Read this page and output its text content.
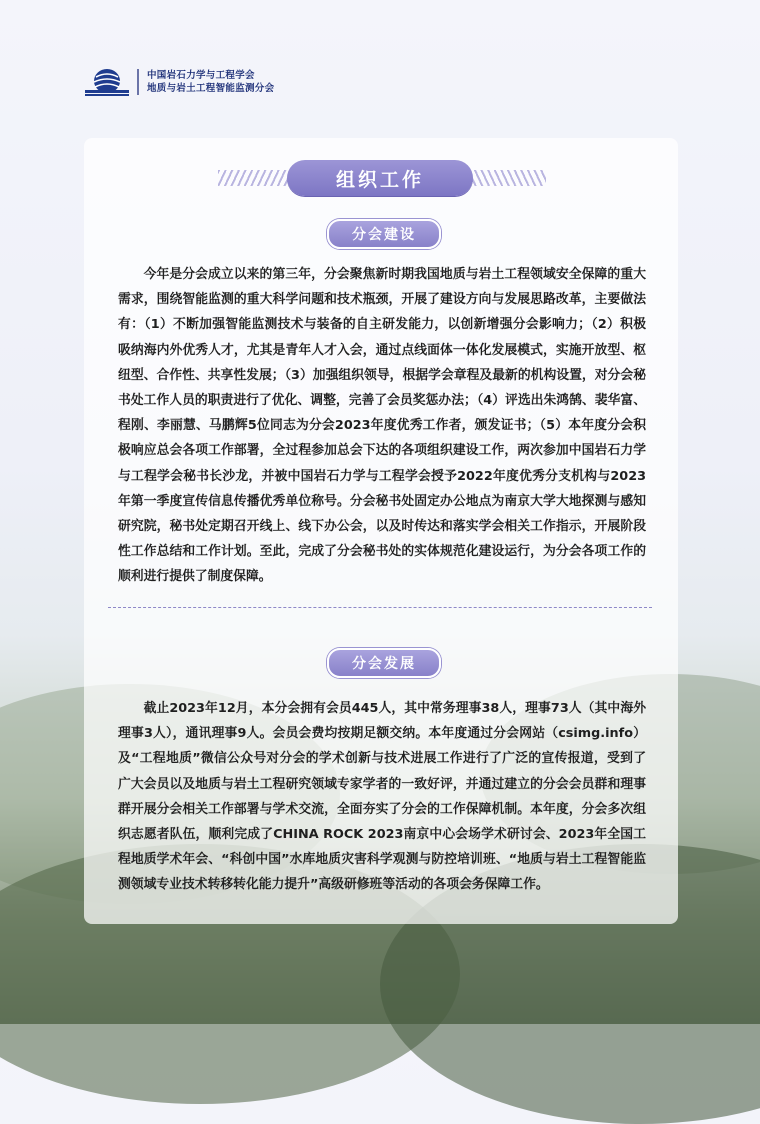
中国岩石力学与工程学会
地质与岩土工程智能监测分会
组织工作
分会建设
今年是分会成立以来的第三年，分会聚焦新时期我国地质与岩土工程领域安全保障的重大需求，围绕智能监测的重大科学问题和技术瓶颈，开展了建设方向与发展思路改革，主要做法有：（1）不断加强智能监测技术与装备的自主研发能力，以创新增强分会影响力；（2）积极吸纳海内外优秀人才，尤其是青年人才入会，通过点线面体一体化发展模式，实施开放型、枢纽型、合作性、共享性发展；（3）加强组织领导，根据学会章程及最新的机构设置，对分会秘书处工作人员的职责进行了优化、调整，完善了会员奖惩办法；（4）评选出朱鸿鹄、裴华富、程刚、李丽慧、马鹏辉5位同志为分会2023年度优秀工作者，颁发证书；（5）本年度分会积极响应总会各项工作部署，全过程参加总会下达的各项组织建设工作，两次参加中国岩石力学与工程学会秘书长沙龙，并被中国岩石力学与工程学会授予2022年度优秀分支机构与2023年第一季度宣传信息传播优秀单位称号。分会秘书处固定办公地点为南京大学大地探测与感知研究院，秘书处定期召开线上、线下办公会，以及时传达和落实学会相关工作指示，开展阶段性工作总结和工作计划。至此，完成了分会秘书处的实体规范化建设运行，为分会各项工作的顺利进行提供了制度保障。
分会发展
截止2023年12月，本分会拥有会员445人，其中常务理事38人，理事73人（其中海外理事3人），通讯理事9人。会员会费均按期足额交纳。本年度通过分会网站（csimg.info）及“工程地质”微信公众号对分会的学术创新与技术进展工作进行了广泛的宣传报道，受到了广大会员以及地质与岩土工程研究领域专家学者的一致好评，并通过建立的分会会员群和理事群开展分会相关工作部署与学术交流，全面夯实了分会的工作保障机制。本年度，分会多次组织志愿者队伍，顺利完成了CHINA ROCK 2023南京中心会场学术研讨会、2023年全国工程地质学术年会、“科创中国”水库地质灾害科学观测与防控培训班、“地质与岩土工程智能监测领域专业技术转移转化能力提升”高级研修班等活动的各项会务保障工作。
